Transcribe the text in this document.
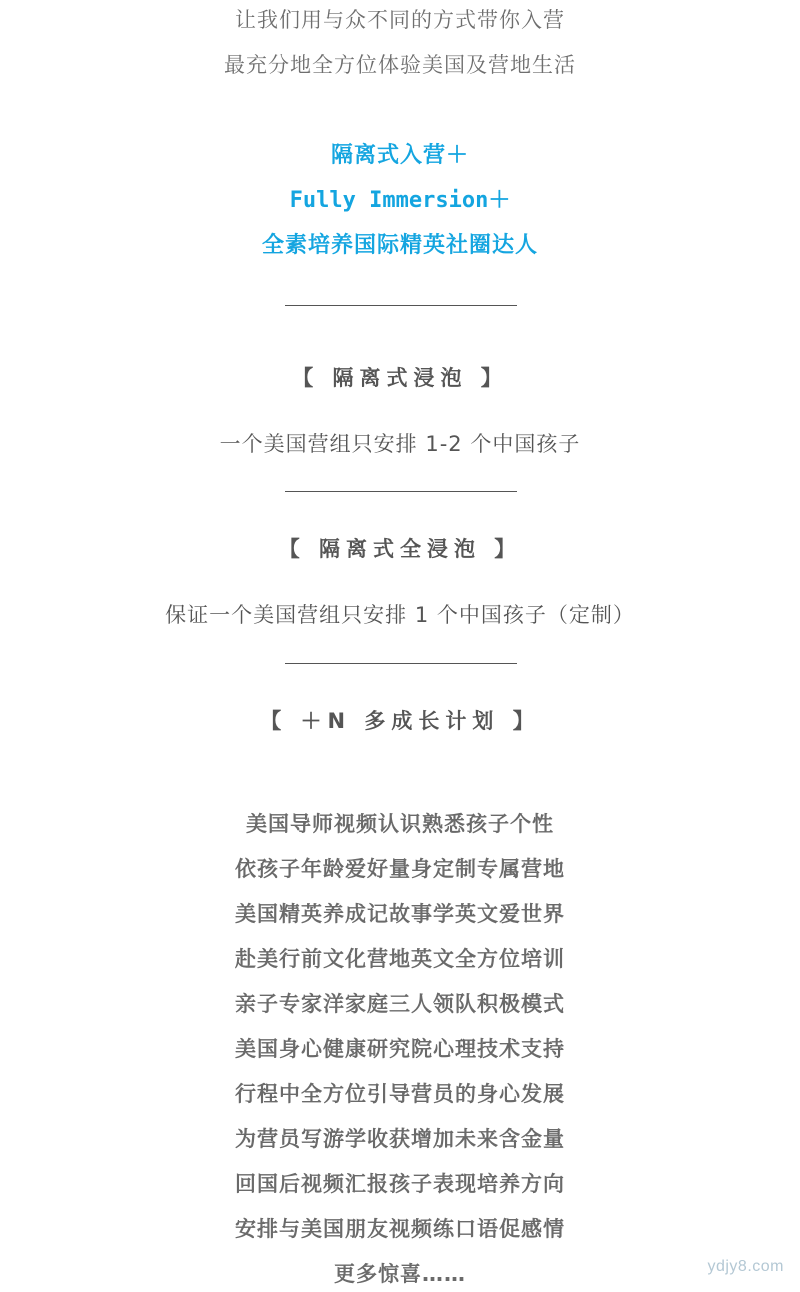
让我们用与众不同的方式带你入营

最充分地全方位体验美国及营地生活

隔离式入营＋

Fully Immersion＋

全素培养国际精英社圈达人

【 隔离式浸泡 】

一个美国营组只安排 1-2 个中国孩子

【 隔离式全浸泡 】

保证一个美国营组只安排 1 个中国孩子（定制）

【 ＋N 多成长计划 】

美国导师视频认识熟悉孩子个性

依孩子年龄爱好量身定制专属营地

美国精英养成记故事学英文爱世界

赴美行前文化营地英文全方位培训

亲子专家洋家庭三人领队积极模式

美国身心健康研究院心理技术支持

行程中全方位引导营员的身心发展

为营员写游学收获增加未来含金量

回国后视频汇报孩子表现培养方向

安排与美国朋友视频练口语促感情

更多惊喜……	ydjy8.com
